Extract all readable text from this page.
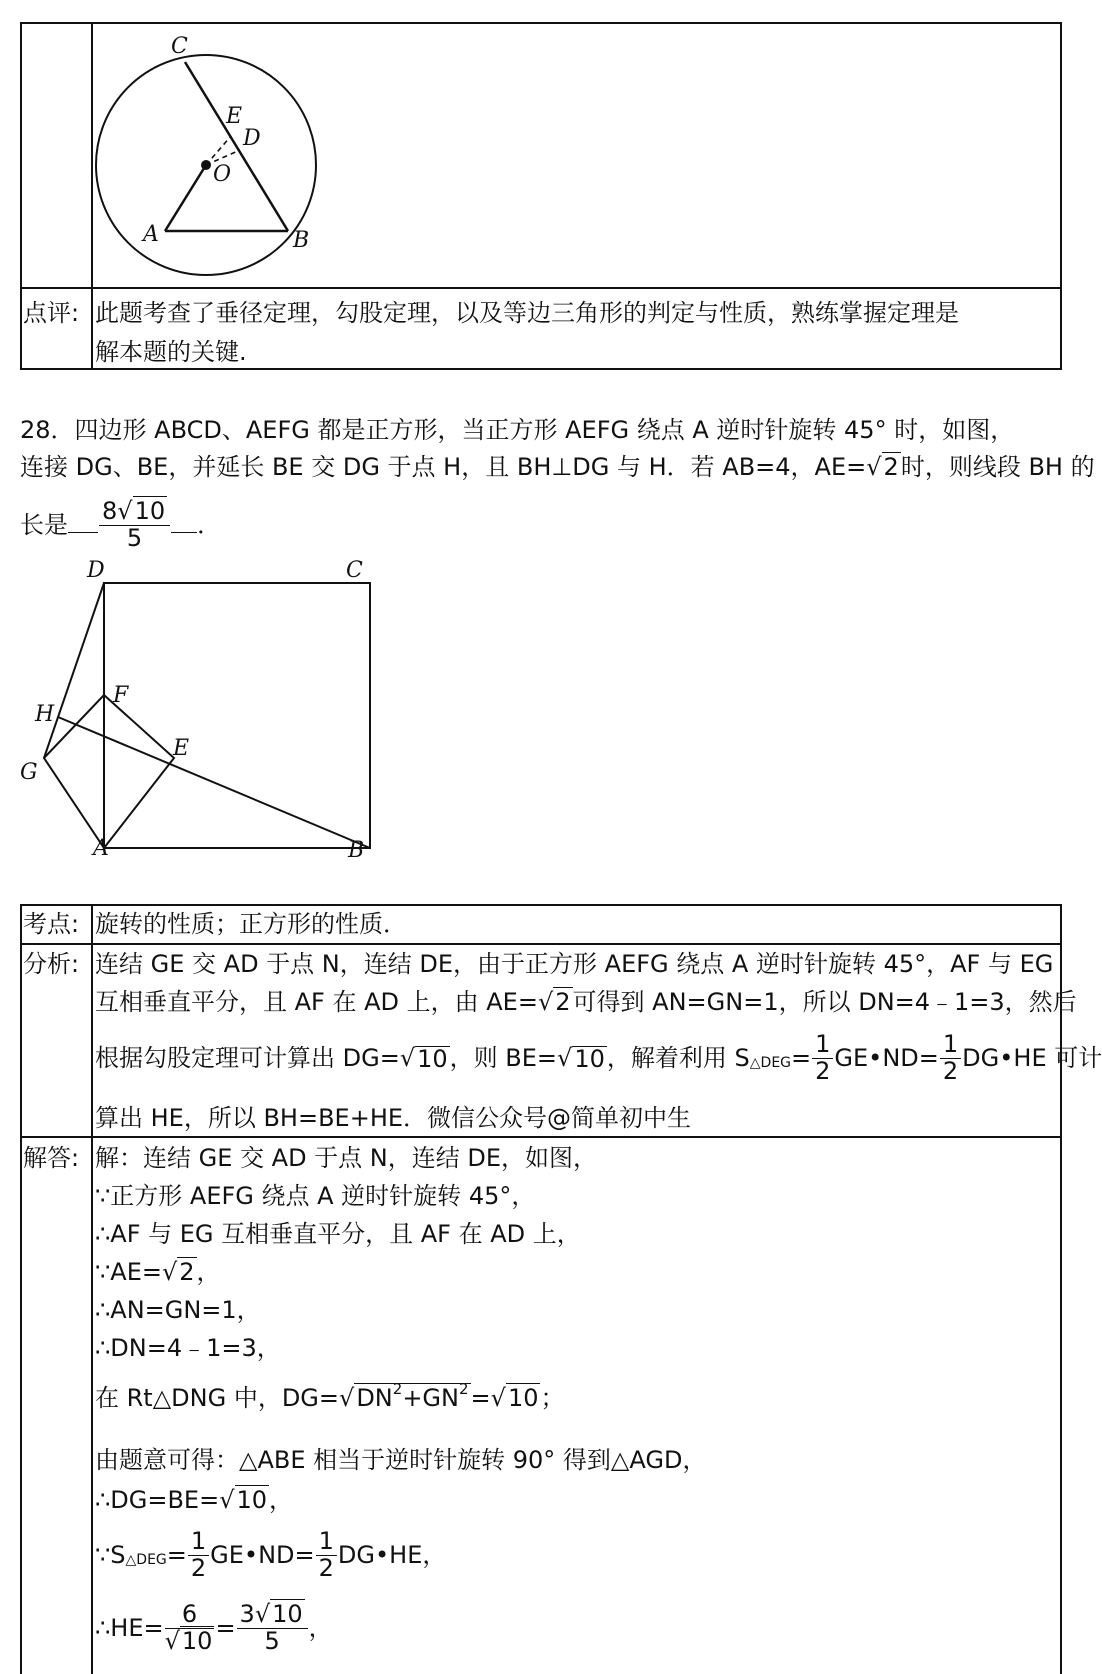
C
E
D
O
A	B
点评: 此题考查了垂径定理，勾股定理，以及等边三角形的判定与性质，熟练掌握定理是
解本题的关键.
28．四边形 ABCD、AEFG 都是正方形，当正方形 AEFG 绕点 A 逆时针旋转 45° 时，如图，
连接 DG、BE，并延长 BE 交 DG 于点 H，且 BH⊥DG 与 H．若 AB=4，AE=√2时，则线段 BH 的
长是 $\frac{8√10}{5}$ ．
D	C
H
F
E
G
A	B
考点: 旋转的性质；正方形的性质．
分析: 连结 GE 交 AD 于点 N，连结 DE，由于正方形 AEFG 绕点 A 逆时针旋转 45°，AF 与 EG
互相垂直平分，且 AF 在 AD 上，由 AE=√2可得到 AN=GN=1，所以 DN=4﹣1=3，然后
根据勾股定理可计算出 DG= √ 10 ，则 BE= √ 10 ，解着利用 S △DEG = $\frac{1}{2}$ GE•ND= $\frac{1}{2}$ DG•HE 可计
算出 HE，所以 BH=BE+HE．微信公众号@简单初中生
解答: 解：连结 GE 交 AD 于点 N，连结 DE，如图，
∵正方形 AEFG 绕点 A 逆时针旋转 45°，
∴AF 与 EG 互相垂直平分，且 AF 在 AD 上，
∵AE=√2，
∴AN=GN=1，
∴DN=4﹣1=3，
在 Rt△DNG 中，$DG=√DN^2+GN^2=√10$；
由题意可得：△ABE 相当于逆时针旋转 90° 得到△AGD，
∴DG=BE=√10，
∵S △DEG = $\frac{1}{2}$ GE•ND= $\frac{1}{2}$ DG•HE，
∴HE= $\frac{6}{√10} = \frac{3√10}{5}$ ，
